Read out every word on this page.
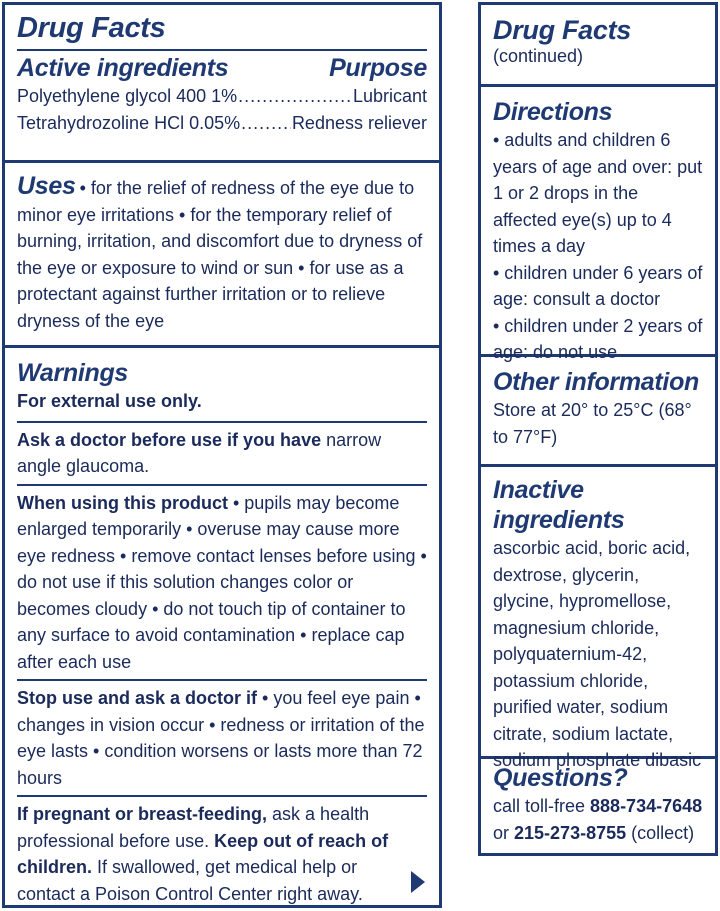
Drug Facts
Active ingredients	Purpose
Polyethylene glycol 400 1% .....	Lubricant
Tetrahydrozoline HCl 0.05% .....	Redness reliever
Uses • for the relief of redness of the eye due to minor eye irritations • for the temporary relief of burning, irritation, and discomfort due to dryness of the eye or exposure to wind or sun • for use as a protectant against further irritation or to relieve dryness of the eye
Warnings
For external use only.
Ask a doctor before use if you have narrow angle glaucoma.
When using this product • pupils may become enlarged temporarily • overuse may cause more eye redness • remove contact lenses before using • do not use if this solution changes color or becomes cloudy • do not touch tip of container to any surface to avoid contamination • replace cap after each use
Stop use and ask a doctor if • you feel eye pain • changes in vision occur • redness or irritation of the eye lasts • condition worsens or lasts more than 72 hours
If pregnant or breast-feeding, ask a health professional before use. Keep out of reach of children. If swallowed, get medical help or contact a Poison Control Center right away.
Drug Facts
(continued)
Directions
• adults and children 6 years of age and over: put 1 or 2 drops in the affected eye(s) up to 4 times a day
• children under 6 years of age: consult a doctor
• children under 2 years of age: do not use
Other information
Store at 20° to 25°C (68° to 77°F)
Inactive ingredients
ascorbic acid, boric acid, dextrose, glycerin, glycine, hypromellose, magnesium chloride, polyquaternium-42, potassium chloride, purified water, sodium citrate, sodium lactate, sodium phosphate dibasic
Questions?
call toll-free 888-734-7648
or 215-273-8755 (collect)
